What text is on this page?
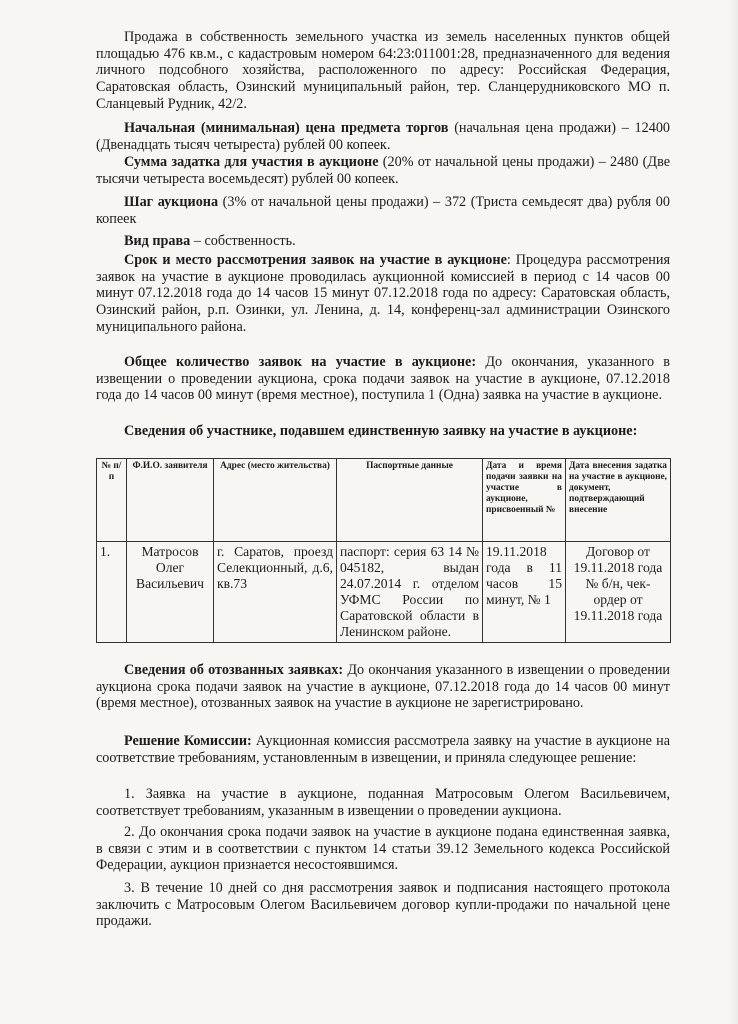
Продажа в собственность земельного участка из земель населенных пунктов общей площадью 476 кв.м., с кадастровым номером 64:23:011001:28, предназначенного для ведения личного подсобного хозяйства, расположенного по адресу: Российская Федерация, Саратовская область, Озинский муниципальный район, тер. Сланцерудниковского МО п. Сланцевый Рудник, 42/2.

Начальная (минимальная) цена предмета торгов (начальная цена продажи) – 12400 (Двенадцать тысяч четыреста) рублей 00 копеек.

Сумма задатка для участия в аукционе (20% от начальной цены продажи) – 2480 (Две тысячи четыреста восемьдесят) рублей 00 копеек.

Шаг аукциона (3% от начальной цены продажи) – 372 (Триста семьдесят два) рубля 00 копеек

Вид права – собственность.

Срок и место рассмотрения заявок на участие в аукционе: Процедура рассмотрения заявок на участие в аукционе проводилась аукционной комиссией в период с 14 часов 00 минут 07.12.2018 года до 14 часов 15 минут 07.12.2018 года по адресу: Саратовская область, Озинский район, р.п. Озинки, ул. Ленина, д. 14, конференц-зал администрации Озинского муниципального района.

Общее количество заявок на участие в аукционе: До окончания, указанного в извещении о проведении аукциона, срока подачи заявок на участие в аукционе, 07.12.2018 года до 14 часов 00 минут (время местное), поступила 1 (Одна) заявка на участие в аукционе.

Сведения об участнике, подавшем единственную заявку на участие в аукционе:

№ п/п	Ф.И.О. заявителя	Адрес (место жительства)	Паспортные данные	Дата и время подачи заявки на участие в аукционе, присвоенный №	Дата внесения задатка на участие в аукционе, документ, подтверждающий внесение
1.	Матросов Олег Васильевич	г. Саратов, проезд Селекционный, д.6, кв.73	паспорт: серия 63 14 № 045182, выдан 24.07.2014 г. отделом УФМС России по Саратовской области в Ленинском районе.	19.11.2018 года в 11 часов 15 минут, № 1	Договор от 19.11.2018 года № б/н, чек-ордер от 19.11.2018 года

Сведения об отозванных заявках: До окончания указанного в извещении о проведении аукциона срока подачи заявок на участие в аукционе, 07.12.2018 года до 14 часов 00 минут (время местное), отозванных заявок на участие в аукционе не зарегистрировано.

Решение Комиссии: Аукционная комиссия рассмотрела заявку на участие в аукционе на соответствие требованиям, установленным в извещении, и приняла следующее решение:

1. Заявка на участие в аукционе, поданная Матросовым Олегом Васильевичем, соответствует требованиям, указанным в извещении о проведении аукциона.

2. До окончания срока подачи заявок на участие в аукционе подана единственная заявка, в связи с этим и в соответствии с пунктом 14 статьи 39.12 Земельного кодекса Российской Федерации, аукцион признается несостоявшимся.

3. В течение 10 дней со дня рассмотрения заявок и подписания настоящего протокола заключить с Матросовым Олегом Васильевичем договор купли-продажи по начальной цене продажи.
